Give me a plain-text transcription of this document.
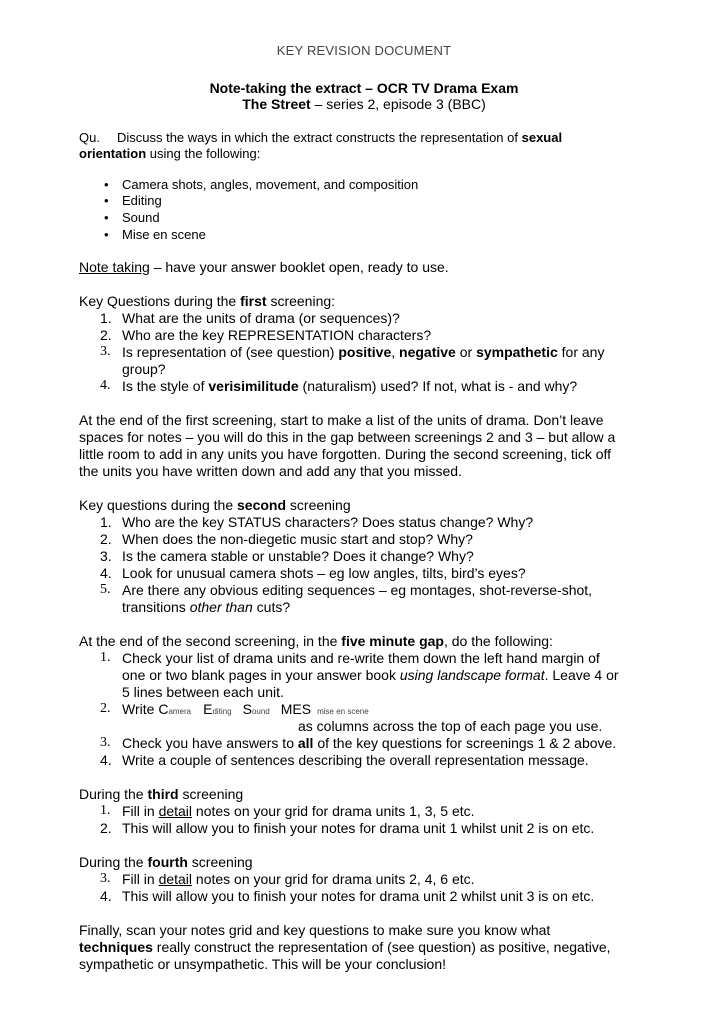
KEY REVISION DOCUMENT
Note-taking the extract – OCR TV Drama Exam
The Street – series 2, episode 3 (BBC)
Qu. Discuss the ways in which the extract constructs the representation of sexual
orientation using the following:
• Camera shots, angles, movement, and composition
• Editing
• Sound
• Mise en scene
Note taking – have your answer booklet open, ready to use.
Key Questions during the first screening:
1. What are the units of drama (or sequences)?
2. Who are the key REPRESENTATION characters?
3. Is representation of (see question) positive, negative or sympathetic for any
group?
4. Is the style of verisimilitude (naturalism) used? If not, what is - and why?
At the end of the first screening, start to make a list of the units of drama. Don’t leave
spaces for notes – you will do this in the gap between screenings 2 and 3 – but allow a
little room to add in any units you have forgotten. During the second screening, tick off
the units you have written down and add any that you missed.
Key questions during the second screening
1. Who are the key STATUS characters? Does status change? Why?
2. When does the non-diegetic music start and stop? Why?
3. Is the camera stable or unstable? Does it change? Why?
4. Look for unusual camera shots – eg low angles, tilts, bird’s eyes?
5. Are there any obvious editing sequences – eg montages, shot-reverse-shot,
transitions other than cuts?
At the end of the second screening, in the five minute gap, do the following:
1. Check your list of drama units and re-write them down the left hand margin of
one or two blank pages in your answer book using landscape format. Leave 4 or
5 lines between each unit.
2. Write Camera Editing Sound MES mise en scene
as columns across the top of each page you use.
3. Check you have answers to all of the key questions for screenings 1 & 2 above.
4. Write a couple of sentences describing the overall representation message.
During the third screening
1. Fill in detail notes on your grid for drama units 1, 3, 5 etc.
2. This will allow you to finish your notes for drama unit 1 whilst unit 2 is on etc.
During the fourth screening
3. Fill in detail notes on your grid for drama units 2, 4, 6 etc.
4. This will allow you to finish your notes for drama unit 2 whilst unit 3 is on etc.
Finally, scan your notes grid and key questions to make sure you know what
techniques really construct the representation of (see question) as positive, negative,
sympathetic or unsympathetic. This will be your conclusion!
